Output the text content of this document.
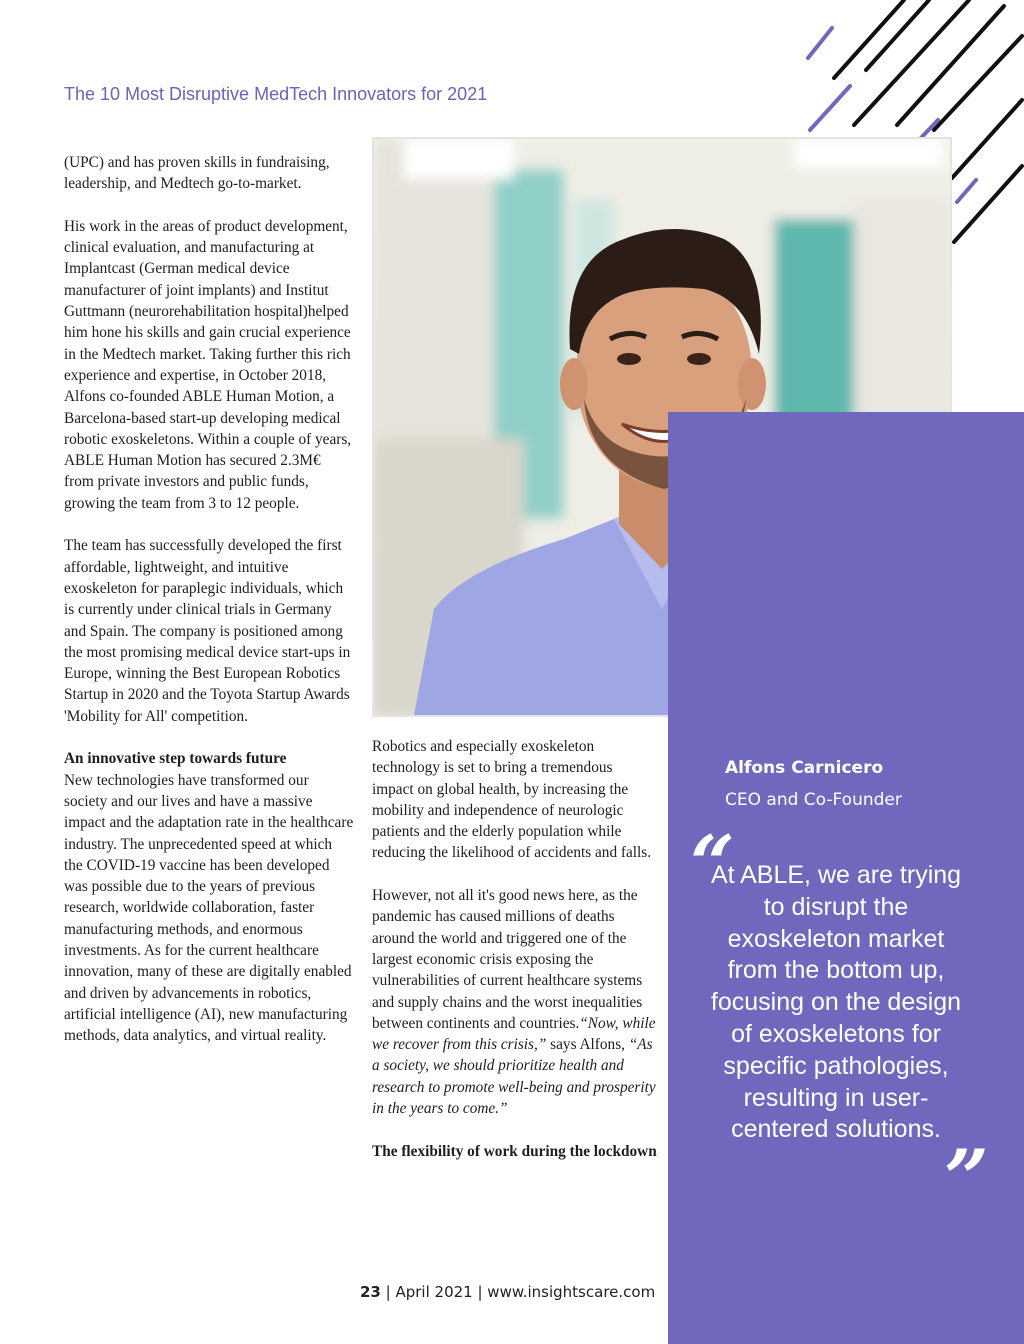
The 10 Most Disruptive MedTech Innovators for 2021

(UPC) and has proven skills in fundraising, leadership, and Medtech go-to-market.

His work in the areas of product development, clinical evaluation, and manufacturing at Implantcast (German medical device manufacturer of joint implants) and Institut Guttmann (neurorehabilitation hospital)helped him hone his skills and gain crucial experience in the Medtech market. Taking further this rich experience and expertise, in October 2018, Alfons co-founded ABLE Human Motion, a Barcelona-based start-up developing medical robotic exoskeletons. Within a couple of years, ABLE Human Motion has secured 2.3M€ from private investors and public funds, growing the team from 3 to 12 people.

The team has successfully developed the first affordable, lightweight, and intuitive exoskeleton for paraplegic individuals, which is currently under clinical trials in Germany and Spain. The company is positioned among the most promising medical device start-ups in Europe, winning the Best European Robotics Startup in 2020 and the Toyota Startup Awards 'Mobility for All' competition.

An innovative step towards future

New technologies have transformed our society and our lives and have a massive impact and the adaptation rate in the healthcare industry. The unprecedented speed at which the COVID-19 vaccine has been developed was possible due to the years of previous research, worldwide collaboration, faster manufacturing methods, and enormous investments. As for the current healthcare innovation, many of these are digitally enabled and driven by advancements in robotics, artificial intelligence (AI), new manufacturing methods, data analytics, and virtual reality.

Alfons Carnicero
CEO and Co-Founder
“
At ABLE, we are trying to disrupt the exoskeleton market from the bottom up, focusing on the design of exoskeletons for specific pathologies, resulting in user-centered solutions.
”

Robotics and especially exoskeleton technology is set to bring a tremendous impact on global health, by increasing the mobility and independence of neurologic patients and the elderly population while reducing the likelihood of accidents and falls.

However, not all it's good news here, as the pandemic has caused millions of deaths around the world and triggered one of the largest economic crisis exposing the vulnerabilities of current healthcare systems and supply chains and the worst inequalities between continents and countries.“Now, while we recover from this crisis,” says Alfons, “As a society, we should prioritize health and research to promote well-being and prosperity in the years to come.”

The flexibility of work during the lockdown
23 | April 2021 | www.insightscare.com
